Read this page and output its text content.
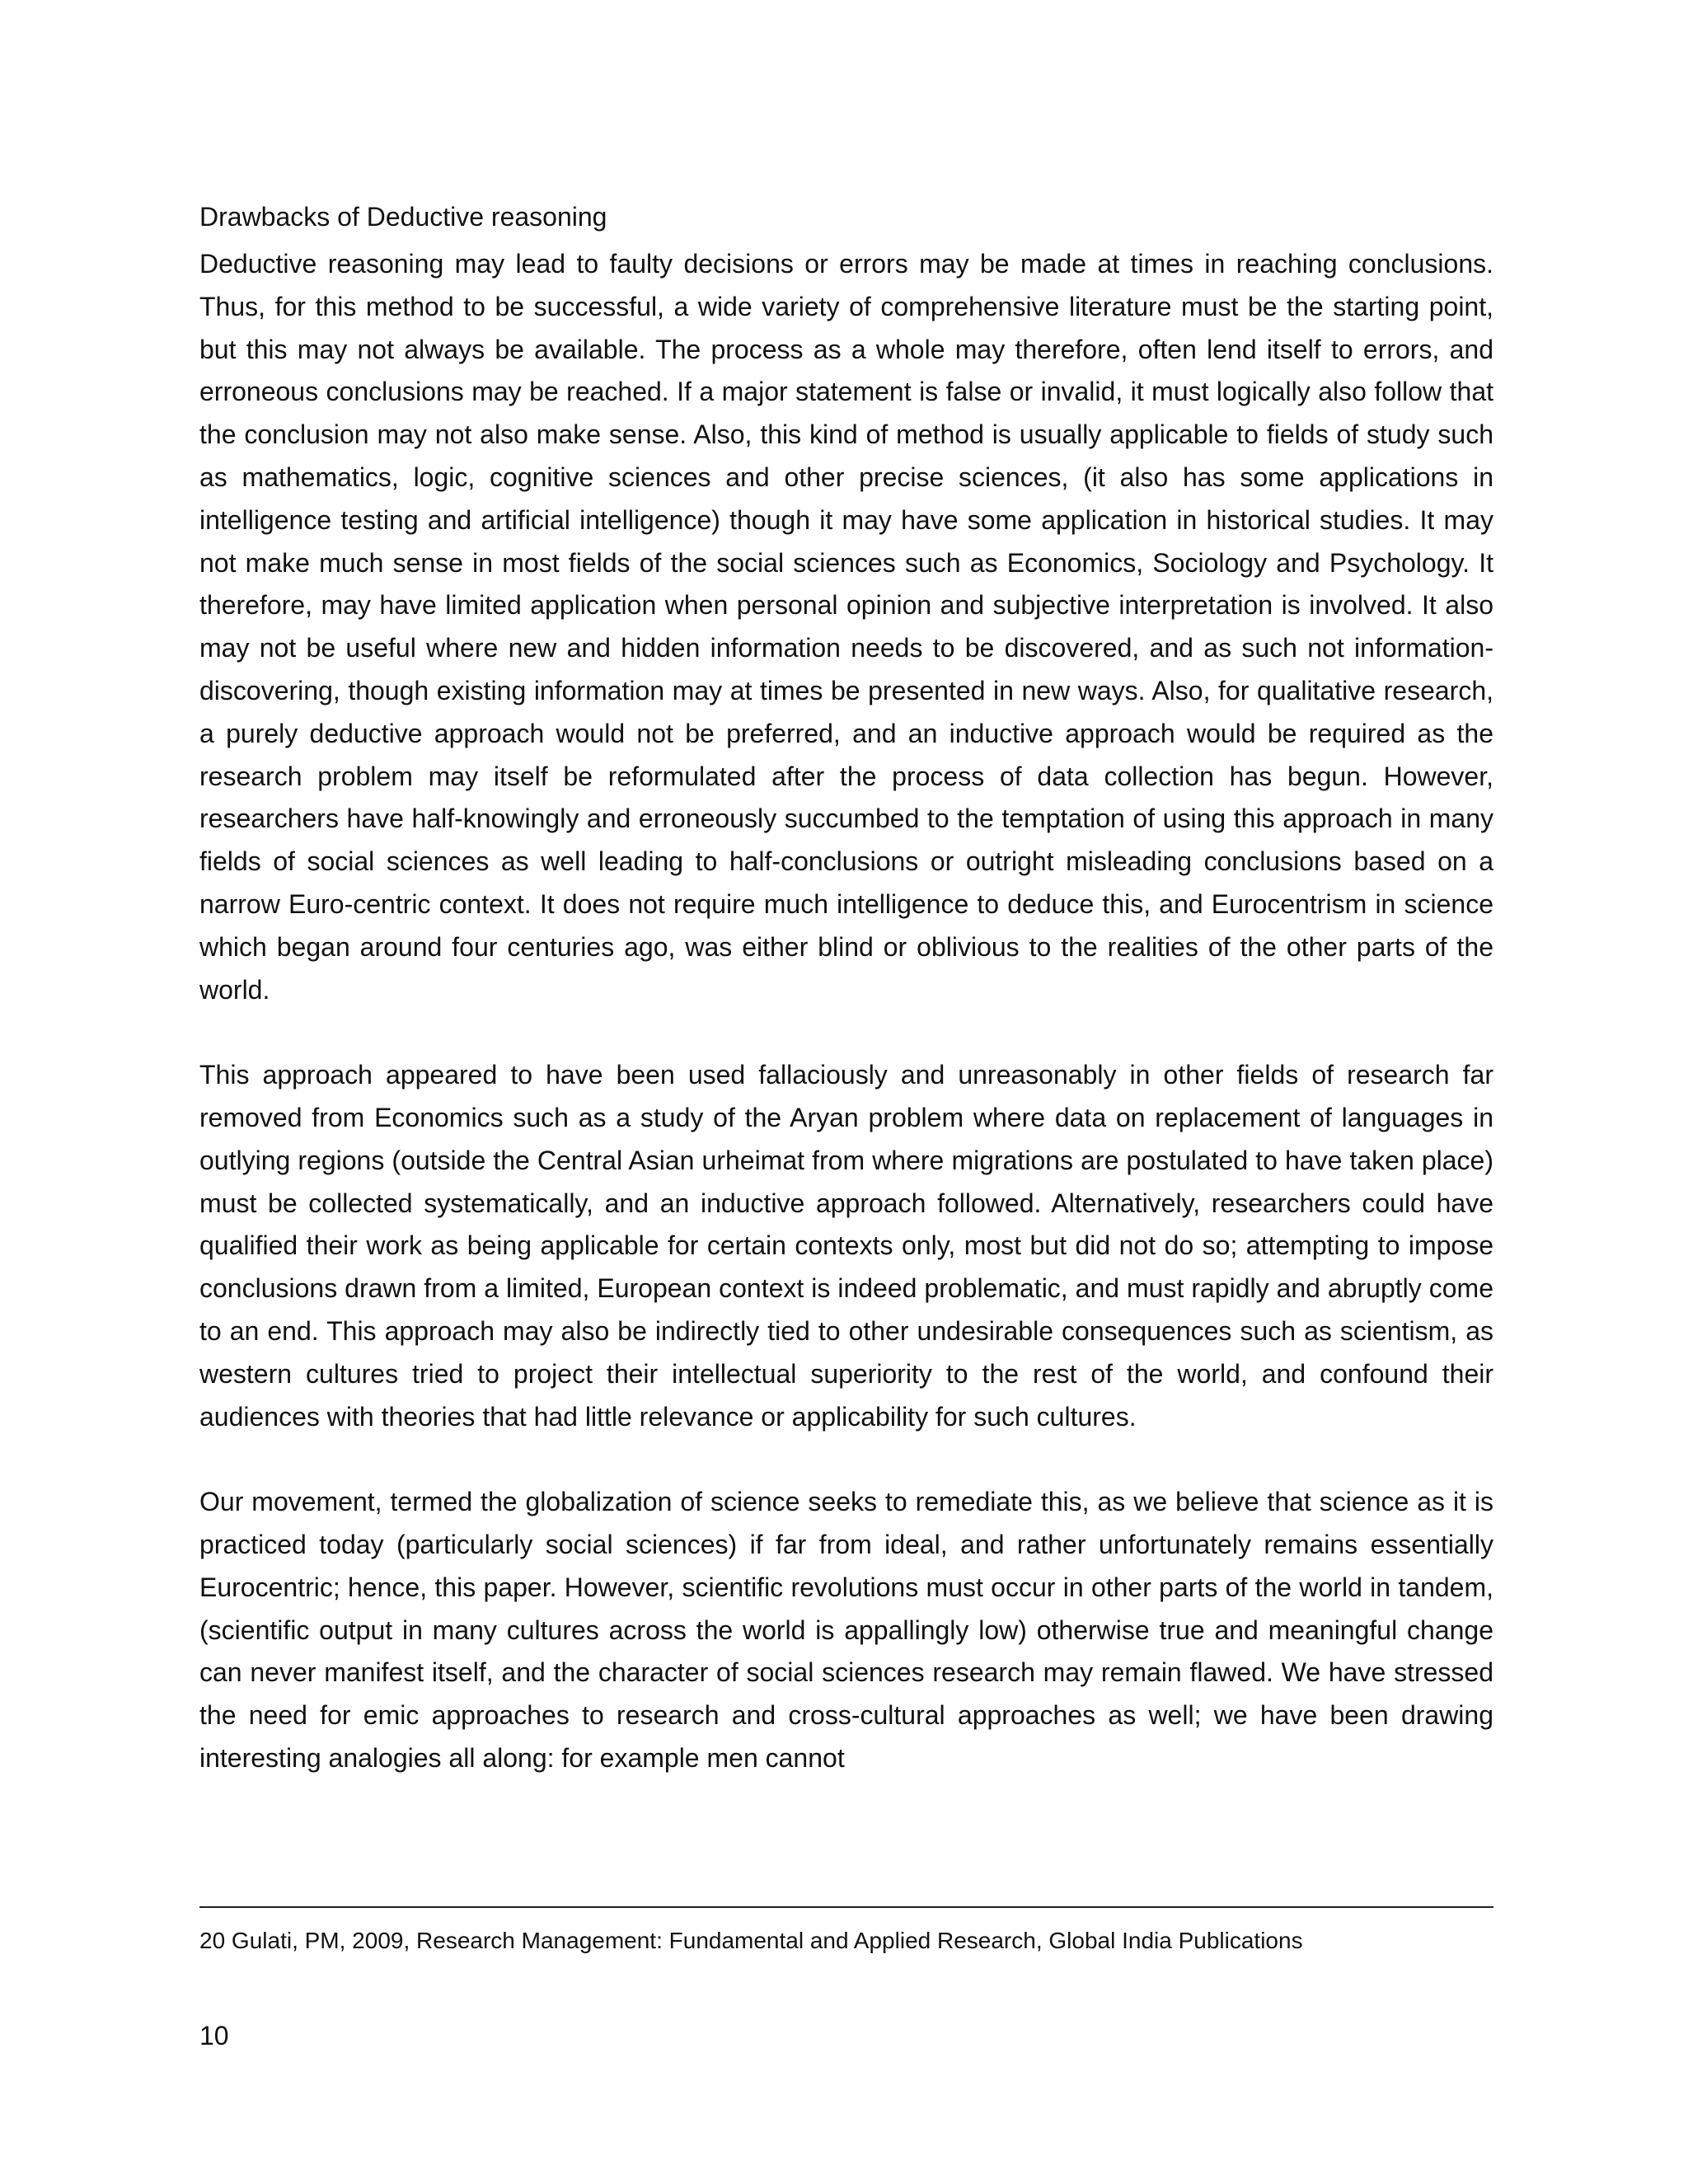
Drawbacks of Deductive reasoning

Deductive reasoning may lead to faulty decisions or errors may be made at times in reaching conclusions. Thus, for this method to be successful, a wide variety of comprehensive literature must be the starting point, but this may not always be available. The process as a whole may therefore, often lend itself to errors, and erroneous conclusions may be reached. If a major statement is false or invalid, it must logically also follow that the conclusion may not also make sense. Also, this kind of method is usually applicable to fields of study such as mathematics, logic, cognitive sciences and other precise sciences, (it also has some applications in intelligence testing and artificial intelligence) though it may have some application in historical studies. It may not make much sense in most fields of the social sciences such as Economics, Sociology and Psychology. It therefore, may have limited application when personal opinion and subjective interpretation is involved. It also may not be useful where new and hidden information needs to be discovered, and as such not information-discovering, though existing information may at times be presented in new ways. Also, for qualitative research, a purely deductive approach would not be preferred, and an inductive approach would be required as the research problem may itself be reformulated after the process of data collection has begun. However, researchers have half-knowingly and erroneously succumbed to the temptation of using this approach in many fields of social sciences as well leading to half-conclusions or outright misleading conclusions based on a narrow Euro-centric context. It does not require much intelligence to deduce this, and Eurocentrism in science which began around four centuries ago, was either blind or oblivious to the realities of the other parts of the world.

This approach appeared to have been used fallaciously and unreasonably in other fields of research far removed from Economics such as a study of the Aryan problem where data on replacement of languages in outlying regions (outside the Central Asian urheimat from where migrations are postulated to have taken place) must be collected systematically, and an inductive approach followed. Alternatively, researchers could have qualified their work as being applicable for certain contexts only, most but did not do so; attempting to impose conclusions drawn from a limited, European context is indeed problematic, and must rapidly and abruptly come to an end. This approach may also be indirectly tied to other undesirable consequences such as scientism, as western cultures tried to project their intellectual superiority to the rest of the world, and confound their audiences with theories that had little relevance or applicability for such cultures.

Our movement, termed the globalization of science seeks to remediate this, as we believe that science as it is practiced today (particularly social sciences) if far from ideal, and rather unfortunately remains essentially Eurocentric; hence, this paper. However, scientific revolutions must occur in other parts of the world in tandem, (scientific output in many cultures across the world is appallingly low) otherwise true and meaningful change can never manifest itself, and the character of social sciences research may remain flawed. We have stressed the need for emic approaches to research and cross-cultural approaches as well; we have been drawing interesting analogies all along: for example men cannot

20 Gulati, PM, 2009, Research Management: Fundamental and Applied Research, Global India Publications
10
